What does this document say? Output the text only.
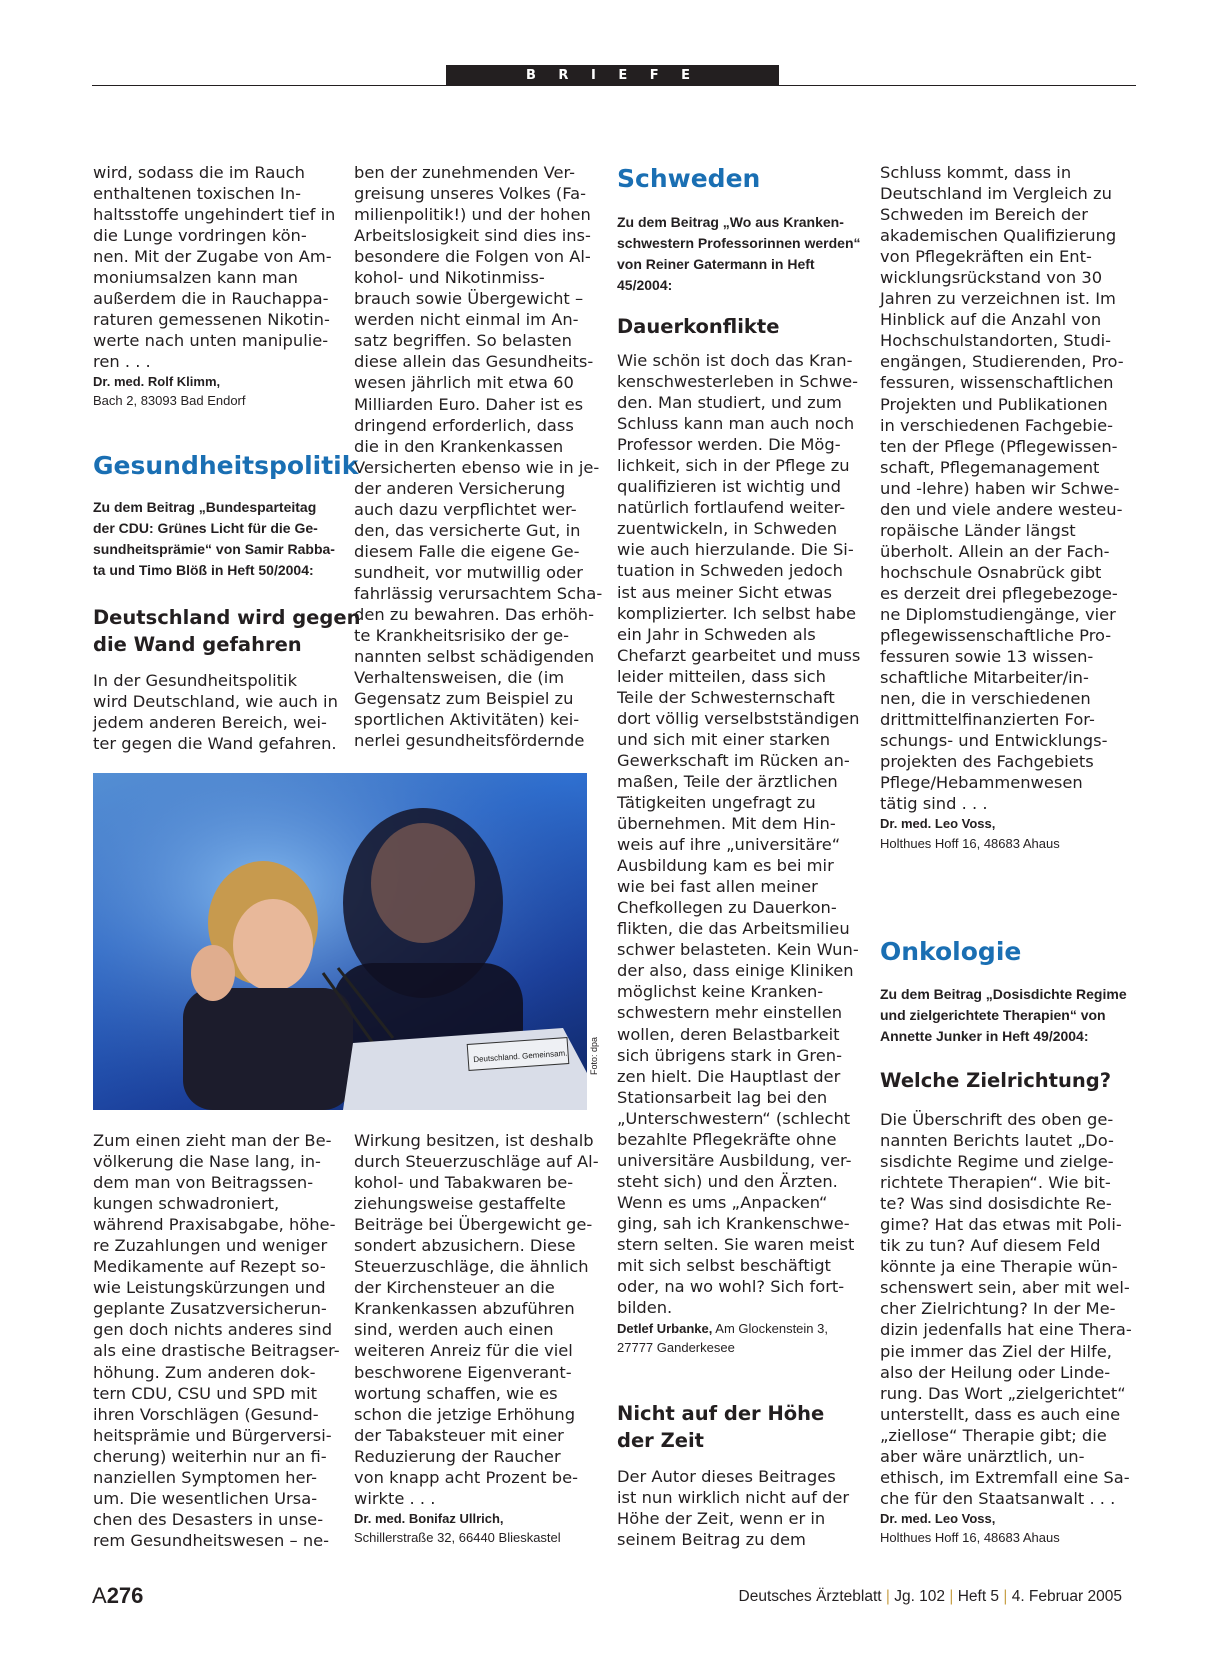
B R I E F E
wird, sodass die im Rauch
enthaltenen toxischen In-
haltsstoffe ungehindert tief in
die Lunge vordringen kön-
nen. Mit der Zugabe von Am-
moniumsalzen kann man
außerdem die in Rauchappa-
raturen gemessenen Nikotin-
werte nach unten manipulie-
ren . . .
Dr. med. Rolf Klimm,
Bach 2, 83093 Bad Endorf
Gesundheitspolitik
Zu dem Beitrag „Bundesparteitag
der CDU: Grünes Licht für die Ge-
sundheitsprämie“ von Samir Rabba-
ta und Timo Blöß in Heft 50/2004:
Deutschland wird gegen
die Wand gefahren
In der Gesundheitspolitik
wird Deutschland, wie auch in
jedem anderen Bereich, wei-
ter gegen die Wand gefahren.
ben der zunehmenden Ver-
greisung unseres Volkes (Fa-
milienpolitik!) und der hohen
Arbeitslosigkeit sind dies ins-
besondere die Folgen von Al-
kohol- und Nikotinmiss-
brauch sowie Übergewicht –
werden nicht einmal im An-
satz begriffen. So belasten
diese allein das Gesundheits-
wesen jährlich mit etwa 60
Milliarden Euro. Daher ist es
dringend erforderlich, dass
die in den Krankenkassen
Versicherten ebenso wie in je-
der anderen Versicherung
auch dazu verpflichtet wer-
den, das versicherte Gut, in
diesem Falle die eigene Ge-
sundheit, vor mutwillig oder
fahrlässig verursachtem Scha-
den zu bewahren. Das erhöh-
te Krankheitsrisiko der ge-
nannten selbst schädigenden
Verhaltensweisen, die (im
Gegensatz zum Beispiel zu
sportlichen Aktivitäten) kei-
nerlei gesundheitsfördernde
Deutschland. Gemeinsam. Foto: dpa
Zum einen zieht man der Be-
völkerung die Nase lang, in-
dem man von Beitragssen-
kungen schwadroniert,
während Praxisabgabe, höhe-
re Zuzahlungen und weniger
Medikamente auf Rezept so-
wie Leistungskürzungen und
geplante Zusatzversicherun-
gen doch nichts anderes sind
als eine drastische Beitragser-
höhung. Zum anderen dok-
tern CDU, CSU und SPD mit
ihren Vorschlägen (Gesund-
heitsprämie und Bürgerversi-
cherung) weiterhin nur an fi-
nanziellen Symptomen her-
um. Die wesentlichen Ursa-
chen des Desasters in unse-
rem Gesundheitswesen – ne-
Wirkung besitzen, ist deshalb
durch Steuerzuschläge auf Al-
kohol- und Tabakwaren be-
ziehungsweise gestaffelte
Beiträge bei Übergewicht ge-
sondert abzusichern. Diese
Steuerzuschläge, die ähnlich
der Kirchensteuer an die
Krankenkassen abzuführen
sind, werden auch einen
weiteren Anreiz für die viel
beschworene Eigenverant-
wortung schaffen, wie es
schon die jetzige Erhöhung
der Tabaksteuer mit einer
Reduzierung der Raucher
von knapp acht Prozent be-
wirkte . . .
Dr. med. Bonifaz Ullrich,
Schillerstraße 32, 66440 Blieskastel
Schweden
Zu dem Beitrag „Wo aus Kranken-
schwestern Professorinnen werden“
von Reiner Gatermann in Heft
45/2004:
Dauerkonflikte
Wie schön ist doch das Kran-
kenschwesterleben in Schwe-
den. Man studiert, und zum
Schluss kann man auch noch
Professor werden. Die Mög-
lichkeit, sich in der Pflege zu
qualifizieren ist wichtig und
natürlich fortlaufend weiter-
zuentwickeln, in Schweden
wie auch hierzulande. Die Si-
tuation in Schweden jedoch
ist aus meiner Sicht etwas
komplizierter. Ich selbst habe
ein Jahr in Schweden als
Chefarzt gearbeitet und muss
leider mitteilen, dass sich
Teile der Schwesternschaft
dort völlig verselbstständigen
und sich mit einer starken
Gewerkschaft im Rücken an-
maßen, Teile der ärztlichen
Tätigkeiten ungefragt zu
übernehmen. Mit dem Hin-
weis auf ihre „universitäre“
Ausbildung kam es bei mir
wie bei fast allen meiner
Chefkollegen zu Dauerkon-
flikten, die das Arbeitsmilieu
schwer belasteten. Kein Wun-
der also, dass einige Kliniken
möglichst keine Kranken-
schwestern mehr einstellen
wollen, deren Belastbarkeit
sich übrigens stark in Gren-
zen hielt. Die Hauptlast der
Stationsarbeit lag bei den
„Unterschwestern“ (schlecht
bezahlte Pflegekräfte ohne
universitäre Ausbildung, ver-
steht sich) und den Ärzten.
Wenn es ums „Anpacken“
ging, sah ich Krankenschwe-
stern selten. Sie waren meist
mit sich selbst beschäftigt
oder, na wo wohl? Sich fort-
bilden.
Detlef Urbanke, Am Glockenstein 3,
27777 Ganderkesee
Nicht auf der Höhe
der Zeit
Der Autor dieses Beitrages
ist nun wirklich nicht auf der
Höhe der Zeit, wenn er in
seinem Beitrag zu dem
Schluss kommt, dass in
Deutschland im Vergleich zu
Schweden im Bereich der
akademischen Qualifizierung
von Pflegekräften ein Ent-
wicklungsrückstand von 30
Jahren zu verzeichnen ist. Im
Hinblick auf die Anzahl von
Hochschulstandorten, Studi-
engängen, Studierenden, Pro-
fessuren, wissenschaftlichen
Projekten und Publikationen
in verschiedenen Fachgebie-
ten der Pflege (Pflegewissen-
schaft, Pflegemanagement
und -lehre) haben wir Schwe-
den und viele andere westeu-
ropäische Länder längst
überholt. Allein an der Fach-
hochschule Osnabrück gibt
es derzeit drei pflegebezoge-
ne Diplomstudiengänge, vier
pflegewissenschaftliche Pro-
fessuren sowie 13 wissen-
schaftliche Mitarbeiter/in-
nen, die in verschiedenen
drittmittelfinanzierten For-
schungs- und Entwicklungs-
projekten des Fachgebiets
Pflege/Hebammenwesen
tätig sind . . .
Dr. med. Leo Voss,
Holthues Hoff 16, 48683 Ahaus
Onkologie
Zu dem Beitrag „Dosisdichte Regime
und zielgerichtete Therapien“ von
Annette Junker in Heft 49/2004:
Welche Zielrichtung?
Die Überschrift des oben ge-
nannten Berichts lautet „Do-
sisdichte Regime und zielge-
richtete Therapien“. Wie bit-
te? Was sind dosisdichte Re-
gime? Hat das etwas mit Poli-
tik zu tun? Auf diesem Feld
könnte ja eine Therapie wün-
schenswert sein, aber mit wel-
cher Zielrichtung? In der Me-
dizin jedenfalls hat eine Thera-
pie immer das Ziel der Hilfe,
also der Heilung oder Linde-
rung. Das Wort „zielgerichtet“
unterstellt, dass es auch eine
„ziellose“ Therapie gibt; die
aber wäre unärztlich, un-
ethisch, im Extremfall eine Sa-
che für den Staatsanwalt . . .
Dr. med. Leo Voss,
Holthues Hoff 16, 48683 Ahaus
A276	Deutsches Ärzteblatt | Jg. 102 | Heft 5 | 4. Februar 2005
